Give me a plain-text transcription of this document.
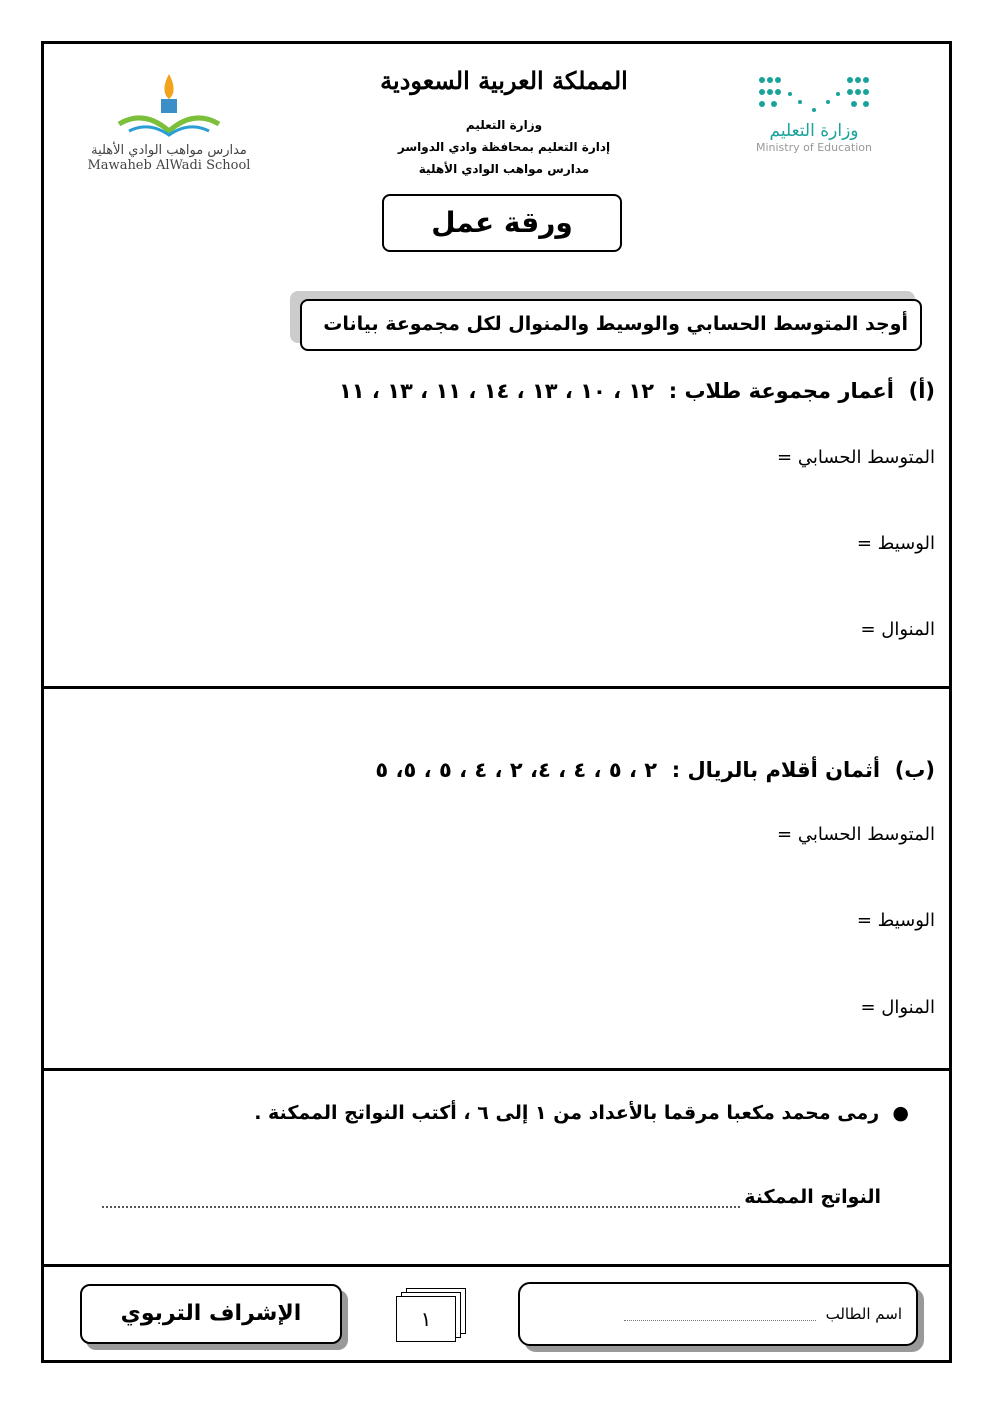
مدارس مواهب الوادي الأهلية
Mawaheb AlWadi School
المملكة العربية السعودية
وزارة التعليم
إدارة التعليم بمحافظة وادي الدواسر
مدارس مواهب الوادي الأهلية
وزارة التعليم
Ministry of Education
ورقة عمل
أوجد المتوسط الحسابي والوسيط والمنوال لكل مجموعة بيانات
(أ)  أعمار مجموعة طلاب :  ١٢ ، ١٠ ، ١٣ ، ١٤ ، ١١ ، ١٣ ، ١١
المتوسط الحسابي =
الوسيط =
المنوال =
(ب)  أثمان أقلام بالريال :  ٢ ، ٥ ، ٤ ، ٤، ٢ ، ٤ ، ٥ ، ٥، ٥
المتوسط الحسابي =
الوسيط =
المنوال =
●  رمى محمد مكعبا مرقما بالأعداد من ١ إلى ٦ ، أكتب النواتج الممكنة .
النواتج الممكنة
الإشراف التربوي	١	اسم الطالب
